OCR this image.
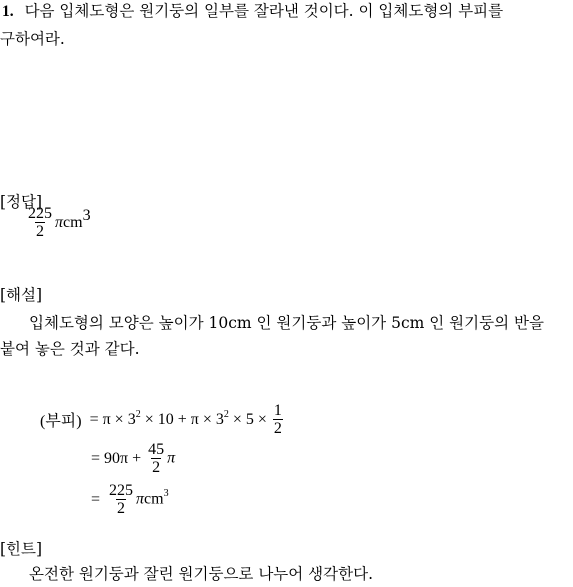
1. 다음 입체도형은 원기둥의 일부를 잘라낸 것이다. 이 입체도형의 부피를
구하여라.
[정답]
$\frac{225}{2} \pi cm^3$
[해설]
입체도형의 모양은 높이가 10cm 인 원기둥과 높이가 5cm 인 원기둥의 반을
붙여 놓은 것과 같다.
(부피) = $\pi \times 3^2 \times 10 + \pi \times 3^2 \times 5 \times \frac{1}{2}$
= $90\pi + \frac{45}{2}$ π
= $\frac{225}{2} \pi cm^3$
[힌트]
온전한 원기둥과 잘린 원기둥으로 나누어 생각한다.
